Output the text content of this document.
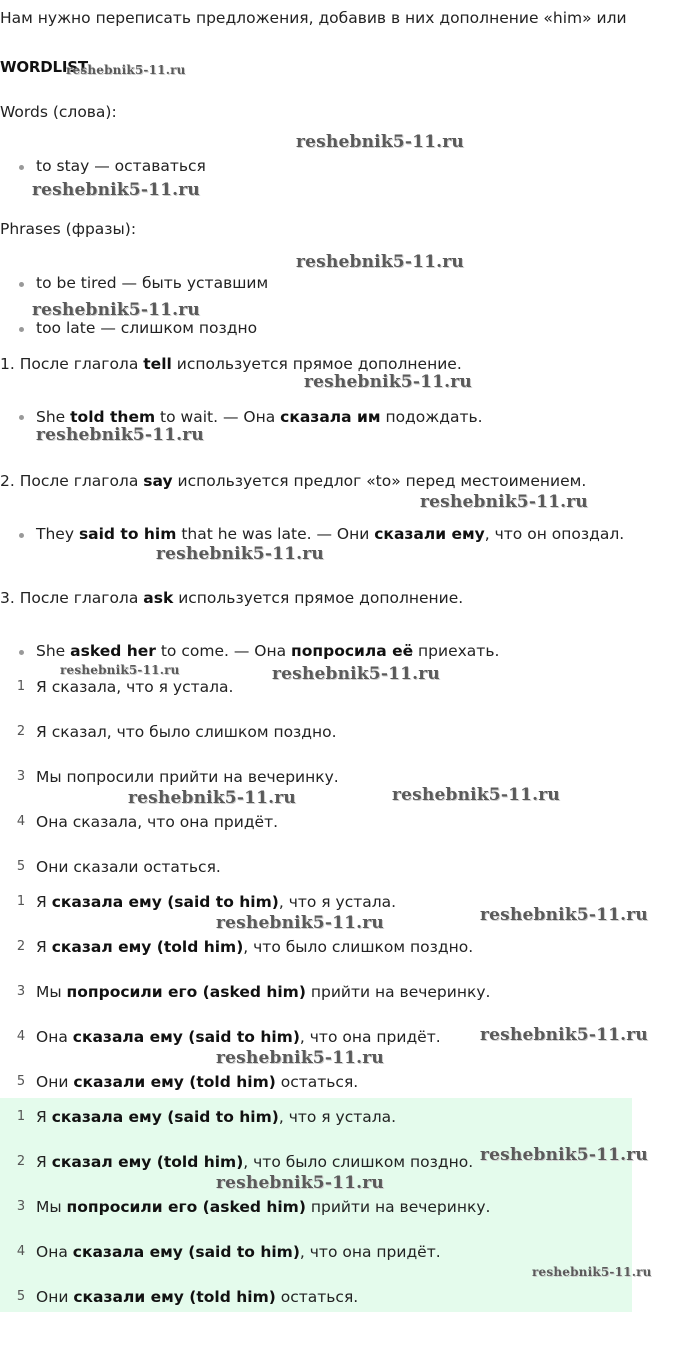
Нам нужно переписать предложения, добавив в них дополнение «him» или
WORDLIST
reshebnik5-11.ru
Words (слова):
reshebnik5-11.ru
to stay — оставаться
reshebnik5-11.ru
Phrases (фразы):
reshebnik5-11.ru
to be tired — быть уставшим
too late — слишком поздно
reshebnik5-11.ru
1. После глагола tell используется прямое дополнение.
reshebnik5-11.ru
She told them to wait. — Она сказала им подождать.
reshebnik5-11.ru
2. После глагола say используется предлог «to» перед местоимением.
reshebnik5-11.ru
They said to him that he was late. — Они сказали ему, что он опоздал.
reshebnik5-11.ru
3. После глагола ask используется прямое дополнение.
She asked her to come. — Она попросила её приехать.
reshebnik5-11.ru	reshebnik5-11.ru
1 Я сказала, что я устала.
2 Я сказал, что было слишком поздно.
3 Мы попросили прийти на вечеринку.
4 Она сказала, что она придёт.
5 Они сказали остаться.
reshebnik5-11.ru	reshebnik5-11.ru
1 Я сказала ему (said to him), что я устала.
2 Я сказал ему (told him), что было слишком поздно.
3 Мы попросили его (asked him) прийти на вечеринку.
4 Она сказала ему (said to him), что она придёт.
5 Они сказали ему (told him) остаться.
reshebnik5-11.ru	reshebnik5-11.ru
reshebnik5-11.ru
reshebnik5-11.ru
1 Я сказала ему (said to him), что я устала.
2 Я сказал ему (told him), что было слишком поздно.
3 Мы попросили его (asked him) прийти на вечеринку.
4 Она сказала ему (said to him), что она придёт.
5 Они сказали ему (told him) остаться.
reshebnik5-11.ru
reshebnik5-11.ru
reshebnik5-11.ru
